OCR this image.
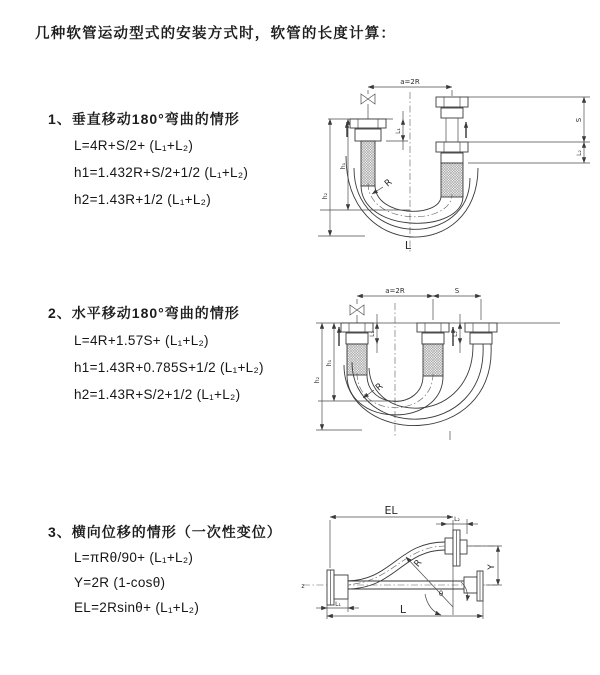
几种软管运动型式的安装方式时，软管的长度计算：
1、垂直移动180°弯曲的情形
L=4R+S/2+ (L₁+L₂)
h1=1.432R+S/2+1/2 (L₁+L₂)
h2=1.43R+1/2 (L₁+L₂)
2、水平移动180°弯曲的情形
L=4R+1.57S+ (L₁+L₂)
h1=1.43R+0.785S+1/2 (L₁+L₂)
h2=1.43R+S/2+1/2 (L₁+L₂)
3、横向位移的情形（一次性变位）
L=πRθ/90+ (L₁+L₂)
Y=2R (1-cosθ)
EL=2Rsinθ+ (L₁+L₂)
a=2R
L₁
S
L₂
h₁
h₂
R
L
a=2R	S
L₁	L₂
h₁
h₂
R
z
EL
L₂
Y
R
θ
L₁	L
